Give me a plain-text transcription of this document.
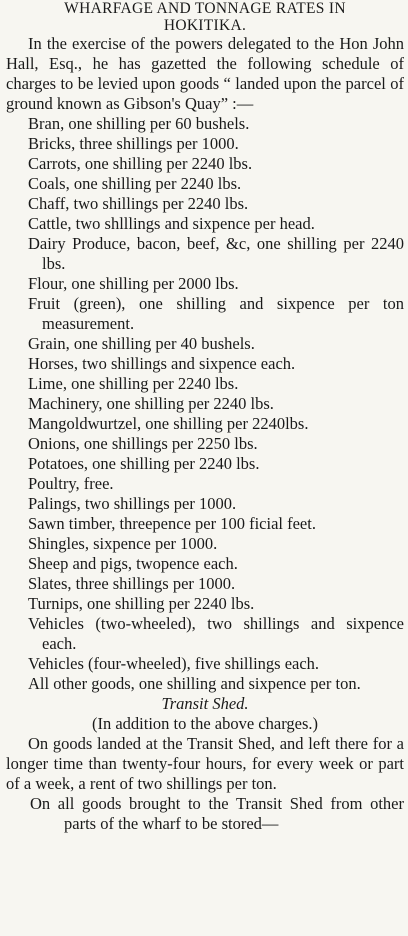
WHARFAGE AND TONNAGE RATES IN
HOKITIKA.

In the exercise of the powers delegated to the Hon John Hall, Esq., he has gazetted the following schedule of charges to be levied upon goods “ landed upon the parcel of ground known as Gibson's Quay” :—

Bran, one shilling per 60 bushels.

Bricks, three shillings per 1000.

Carrots, one shilling per 2240 lbs.

Coals, one shilling per 2240 lbs.

Chaff, two shillings per 2240 lbs.

Cattle, two shlllings and sixpence per head.

Dairy Produce, bacon, beef, &c, one shilling per 2240 lbs.

Flour, one shilling per 2000 lbs.

Fruit (green), one shilling and sixpence per ton measurement.

Grain, one shilling per 40 bushels.

Horses, two shillings and sixpence each.

Lime, one shilling per 2240 lbs.

Machinery, one shilling per 2240 lbs.

Mangoldwurtzel, one shilling per 2240lbs.

Onions, one shillings per 2250 lbs.

Potatoes, one shilling per 2240 lbs.

Poultry, free.

Palings, two shillings per 1000.

Sawn timber, threepence per 100 ficial feet.

Shingles, sixpence per 1000.

Sheep and pigs, twopence each.

Slates, three shillings per 1000.

Turnips, one shilling per 2240 lbs.

Vehicles (two-wheeled), two shillings and sixpence each.

Vehicles (four-wheeled), five shillings each.

All other goods, one shilling and sixpence per ton.

Transit Shed.

(In addition to the above charges.)

On goods landed at the Transit Shed, and left there for a longer time than twenty-four hours, for every week or part of a week, a rent of two shillings per ton.

On all goods brought to the Transit Shed from other parts of the wharf to be stored—
